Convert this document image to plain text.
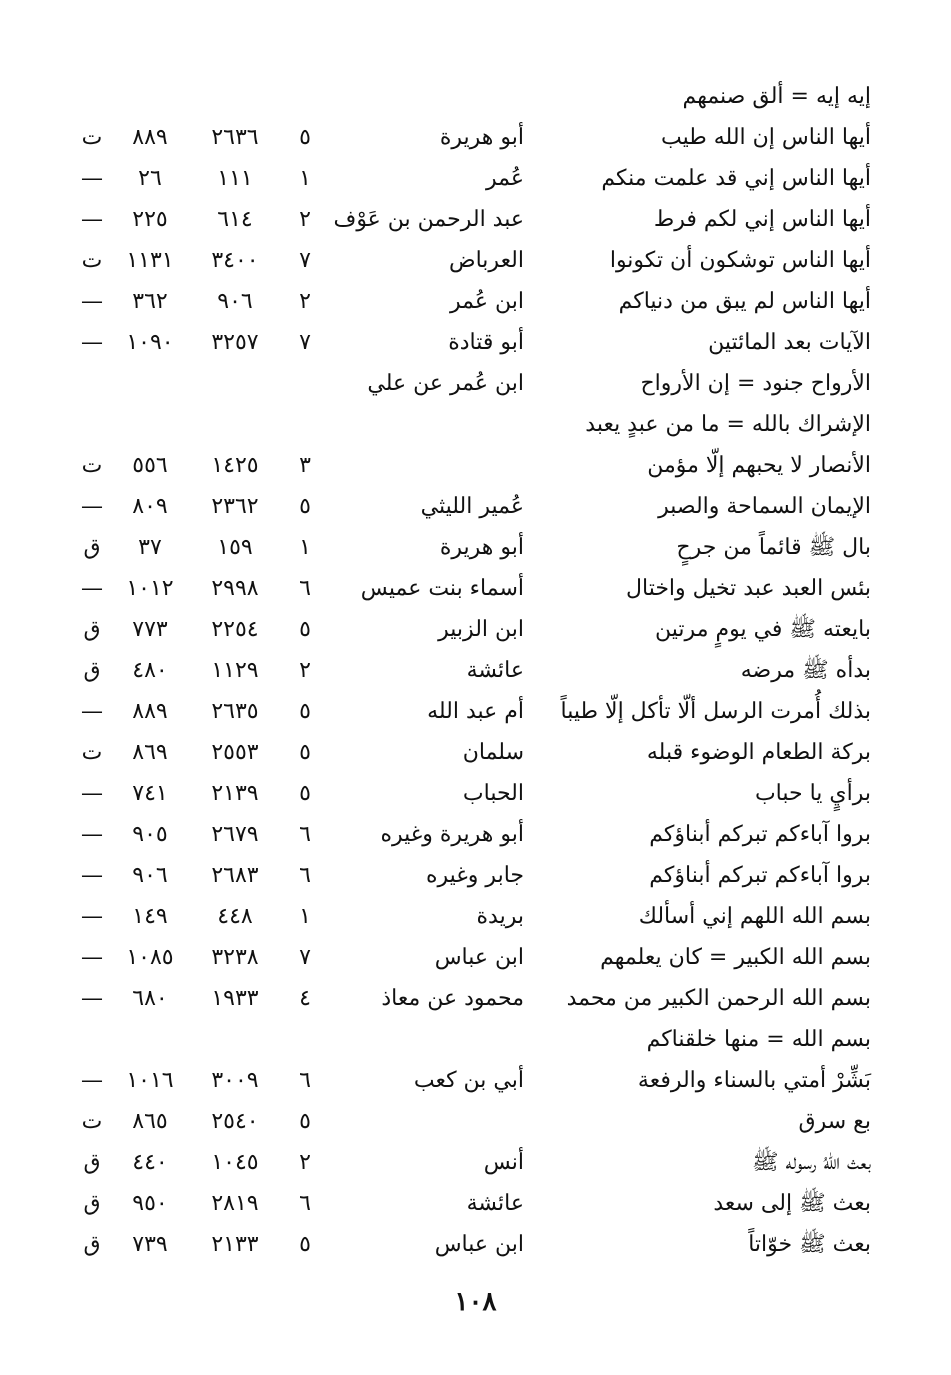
إيه إيه = ألق صنمهم
أيها الناس إن الله طيب
أبو هريرة
٥
٢٦٣٦
٨٨٩
ت
أيها الناس إني قد علمت منكم
عُمر
١
١١١
٢٦
—
أيها الناس إني لكم فرط
عبد الرحمن بن عَوْف
٢
٦١٤
٢٢٥
—
أيها الناس توشكون أن تكونوا
العرباض
٧
٣٤٠٠
١١٣١
ت
أيها الناس لم يبق من دنياكم
ابن عُمر
٢
٩٠٦
٣٦٢
—
الآيات بعد المائتين
أبو قتادة
٧
٣٢٥٧
١٠٩٠
—
الأرواح جنود = إن الأرواح
ابن عُمر عن علي
الإشراك بالله = ما من عبدٍ يعبد
الأنصار لا يحبهم إلّا مؤمن
٣
١٤٢٥
٥٥٦
ت
الإيمان السماحة والصبر
عُمير الليثي
٥
٢٣٦٢
٨٠٩
—
بال ﷺ قائماً من جرحٍ
أبو هريرة
١
١٥٩
٣٧
ق
بئس العبد عبد تخيل واختال
أسماء بنت عميس
٦
٢٩٩٨
١٠١٢
—
بايعته ﷺ في يومٍ مرتين
ابن الزبير
٥
٢٢٥٤
٧٧٣
ق
بدأه ﷺ مرضه
عائشة
٢
١١٢٩
٤٨٠
ق
بذلك أُمرت الرسل ألّا تأكل إلّا طيباً
أم عبد الله
٥
٢٦٣٥
٨٨٩
—
بركة الطعام الوضوء قبله
سلمان
٥
٢٥٥٣
٨٦٩
ت
برأيٍ يا حباب
الحباب
٥
٢١٣٩
٧٤١
—
بروا آباءكم تبركم أبناؤكم
أبو هريرة وغيره
٦
٢٦٧٩
٩٠٥
—
بروا آباءكم تبركم أبناؤكم
جابر وغيره
٦
٢٦٨٣
٩٠٦
—
بسم الله اللهم إني أسألك
بريدة
١
٤٤٨
١٤٩
—
بسم الله الكبير = كان يعلمهم
ابن عباس
٧
٣٢٣٨
١٠٨٥
—
بسم الله الرحمن الكبير من محمد
محمود عن معاذ
٤
١٩٣٣
٦٨٠
—
بسم الله = منها خلقناكم
بَشِّرْ أمتي بالسناء والرفعة
أبي بن كعب
٦
٣٠٠٩
١٠١٦
—
بع سرق
٥
٢٥٤٠
٨٦٥
ت
بعث اللّهُ رسوله ﷺ
أنس
٢
١٠٤٥
٤٤٠
ق
بعث ﷺ إلى سعد
عائشة
٦
٢٨١٩
٩٥٠
ق
بعث ﷺ خوّاتاً
ابن عباس
٥
٢١٣٣
٧٣٩
ق
١٠٨
